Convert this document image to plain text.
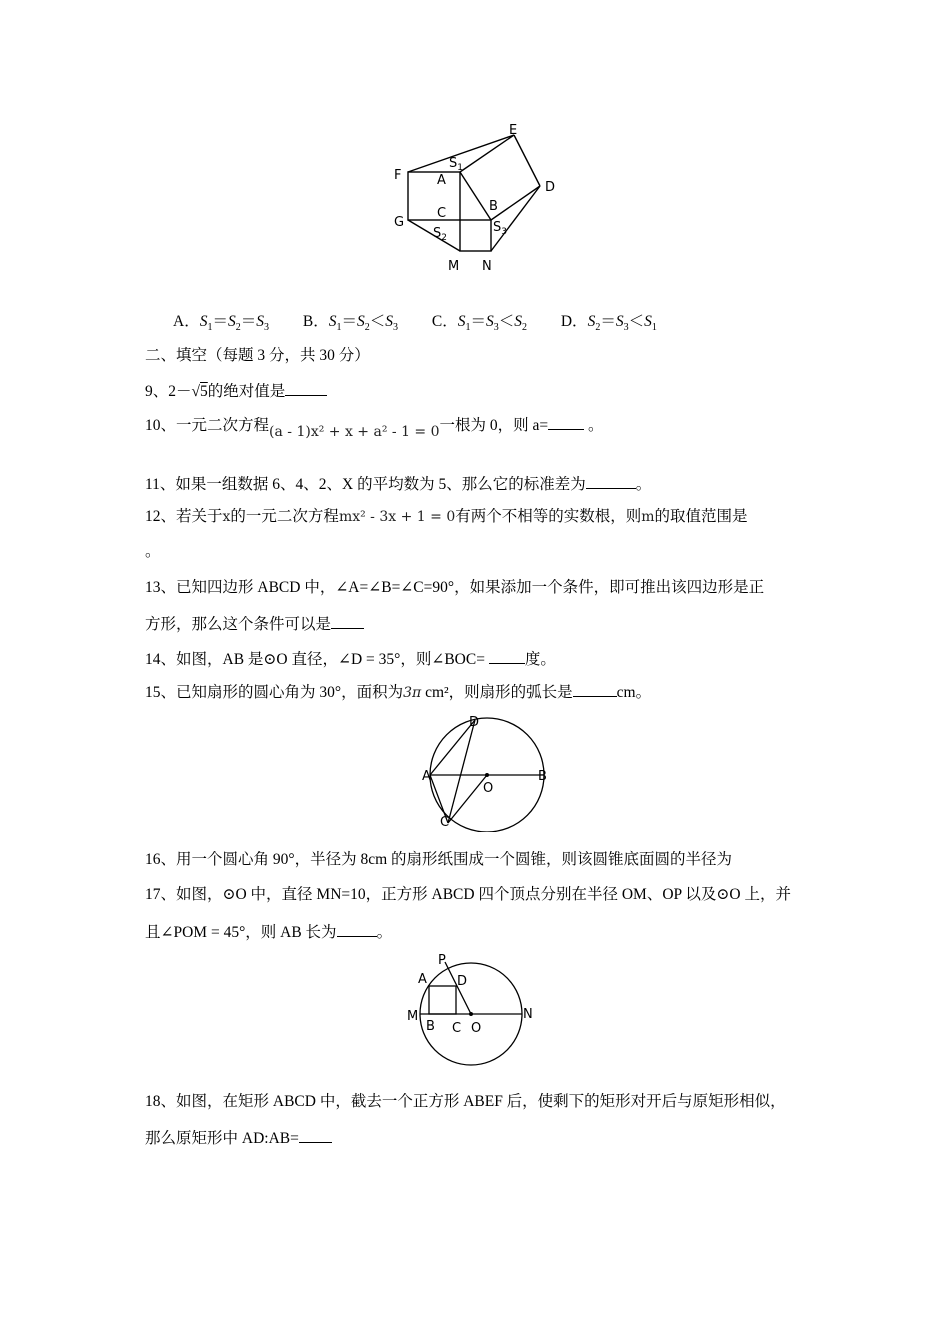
E
F
$S_1$
D
A
C	B
G
$S_2$
$S_3$
M N
A．$S_1=S_2=S_3$ B．$S_1=S_2<S_3$ C．$S_1=S_3<S_2$ D．$S_2=S_3<S_1$
二、填空（每题 3 分，共 30 分）
9、2－√5的绝对值是
10、一元二次方程(a - 1)x² + x + a² - 1 = 0一根为 0，则 a= 。
11、如果一组数据 6、4、2、X 的平均数为 5、那么它的标准差为	。
12、若关于x的一元二次方程mx² - 3x + 1 = 0有两个不相等的实数根，则m的取值范围是
。
13、已知四边形 ABCD 中，∠A=∠B=∠C=90°，如果添加一个条件，即可推出该四边形是正
方形，那么这个条件可以是
14、如图，AB 是⊙O 直径，∠D = 35°，则∠BOC= 度。
15、已知扇形的圆心角为 30°，面积为3π cm²，则扇形的弧长是	cm。
D
A	B
O
C
16、用一个圆心角 90°，半径为 8cm 的扇形纸围成一个圆锥，则该圆锥底面圆的半径为
17、如图，⊙O 中，直径 MN=10，正方形 ABCD 四个顶点分别在半径 OM、OP 以及⊙O 上，并
且∠POM = 45°，则 AB 长为	。
P
A D
M	N
B C O
18、如图，在矩形 ABCD 中，截去一个正方形 ABEF 后，使剩下的矩形对开后与原矩形相似，
那么原矩形中 AD:AB=
